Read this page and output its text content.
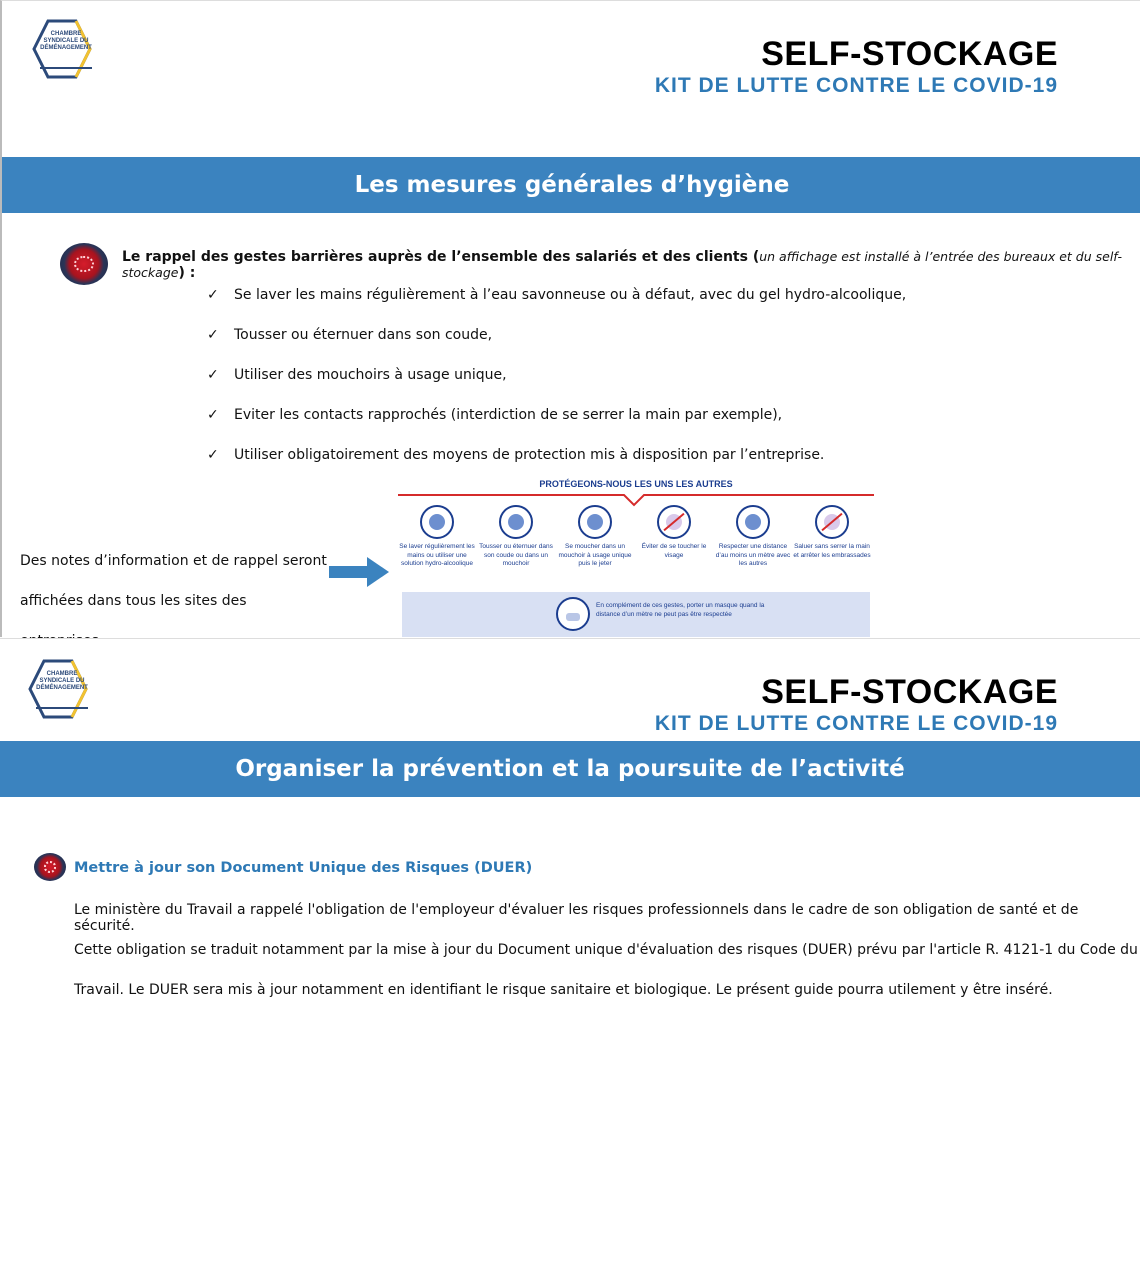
CHAMBRE SYNDICALE DU DÉMÉNAGEMENT	SELF-STOCKAGE
KIT DE LUTTE CONTRE LE COVID-19
Les mesures générales d’hygiène
Le rappel des gestes barrières auprès de l’ensemble des salariés et des clients (un affichage est installé à l’entrée des bureaux et du self-stockage) :
✓	Se laver les mains régulièrement à l’eau savonneuse ou à défaut, avec du gel hydro-alcoolique,
✓	Tousser ou éternuer dans son coude,
✓	Utiliser des mouchoirs à usage unique,
✓	Eviter les contacts rapprochés (interdiction de se serrer la main par exemple),
✓	Utiliser obligatoirement des moyens de protection mis à disposition par l’entreprise.
Des notes d’information et de rappel seront
affichées dans tous les sites des
PROTÉGEONS-NOUS LES UNS LES AUTRES
Se laver régulièrement les mains ou utiliser une solution hydro-alcoolique
Tousser ou éternuer dans son coude ou dans un mouchoir
Se moucher dans un mouchoir à usage unique puis le jeter
Éviter de se toucher le visage
Respecter une distance d’au moins un mètre avec les autres
Saluer sans serrer la main et arrêter les embrassades
En complément de ces gestes, porter un masque quand la distance d’un mètre ne peut pas être respectée
CHAMBRE SYNDICALE DU DÉMÉNAGEMENT	SELF-STOCKAGE
KIT DE LUTTE CONTRE LE COVID-19
Organiser la prévention et la poursuite de l’activité
Mettre à jour son Document Unique des Risques (DUER)
Le ministère du Travail a rappelé l'obligation de l'employeur d'évaluer les risques professionnels dans le cadre de son obligation de santé et de sécurité.
Cette obligation se traduit notamment par la mise à jour du Document unique d'évaluation des risques (DUER) prévu par l'article R. 4121-1 du Code du
Travail. Le DUER sera mis à jour notamment en identifiant le risque sanitaire et biologique. Le présent guide pourra utilement y être inséré.
